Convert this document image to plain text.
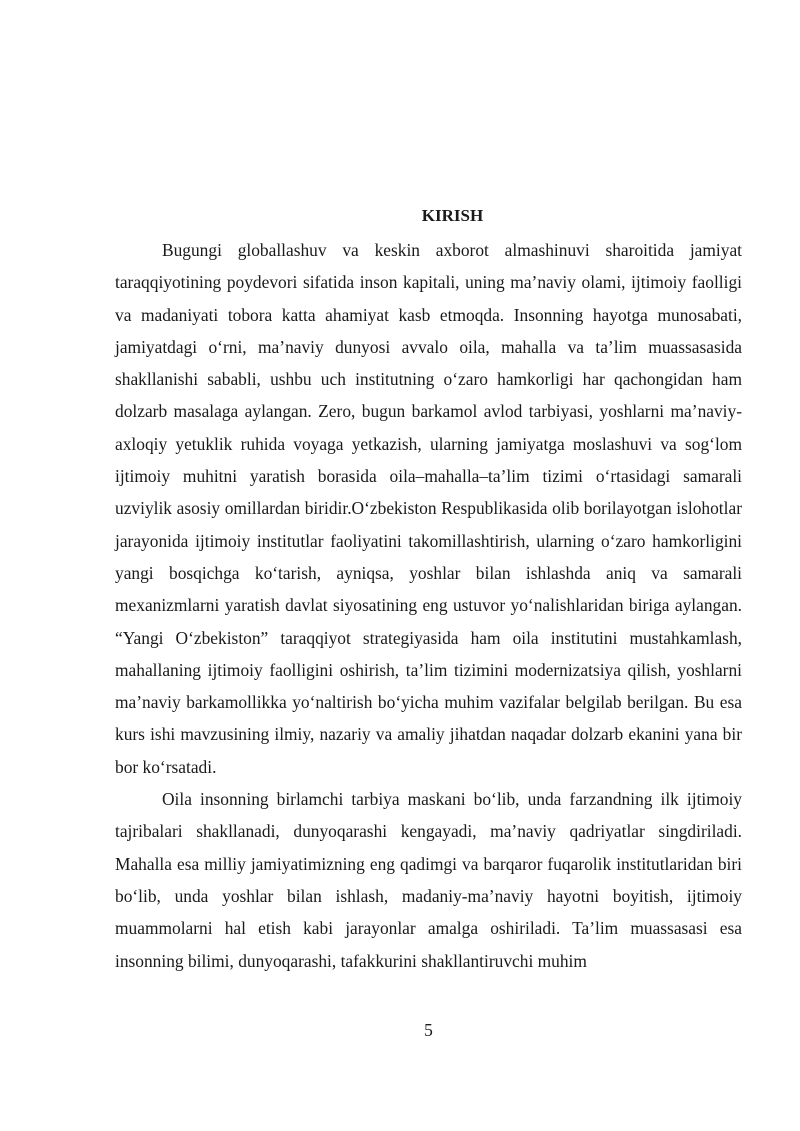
KIRISH

Bugungi globallashuv va keskin axborot almashinuvi sharoitida jamiyat taraqqiyotining poydevori sifatida inson kapitali, uning ma’naviy olami, ijtimoiy faolligi va madaniyati tobora katta ahamiyat kasb etmoqda. Insonning hayotga munosabati, jamiyatdagi o‘rni, ma’naviy dunyosi avvalo oila, mahalla va ta’lim muassasasida shakllanishi sababli, ushbu uch institutning o‘zaro hamkorligi har qachongidan ham dolzarb masalaga aylangan. Zero, bugun barkamol avlod tarbiyasi, yoshlarni ma’naviy-axloqiy yetuklik ruhida voyaga yetkazish, ularning jamiyatga moslashuvi va sog‘lom ijtimoiy muhitni yaratish borasida oila–mahalla–ta’lim tizimi o‘rtasidagi samarali uzviylik asosiy omillardan biridir.O‘zbekiston Respublikasida olib borilayotgan islohotlar jarayonida ijtimoiy institutlar faoliyatini takomillashtirish, ularning o‘zaro hamkorligini yangi bosqichga ko‘tarish, ayniqsa, yoshlar bilan ishlashda aniq va samarali mexanizmlarni yaratish davlat siyosatining eng ustuvor yo‘nalishlaridan biriga aylangan. “Yangi O‘zbekiston” taraqqiyot strategiyasida ham oila institutini mustahkamlash, mahallaning ijtimoiy faolligini oshirish, ta’lim tizimini modernizatsiya qilish, yoshlarni ma’naviy barkamollikka yo‘naltirish bo‘yicha muhim vazifalar belgilab berilgan. Bu esa kurs ishi mavzusining ilmiy, nazariy va amaliy jihatdan naqadar dolzarb ekanini yana bir bor ko‘rsatadi.

Oila insonning birlamchi tarbiya maskani bo‘lib, unda farzandning ilk ijtimoiy tajribalari shakllanadi, dunyoqarashi kengayadi, ma’naviy qadriyatlar singdiriladi. Mahalla esa milliy jamiyatimizning eng qadimgi va barqaror fuqarolik institutlaridan biri bo‘lib, unda yoshlar bilan ishlash, madaniy-ma’naviy hayotni boyitish, ijtimoiy muammolarni hal etish kabi jarayonlar amalga oshiriladi. Ta’lim muassasasi esa insonning bilimi, dunyoqarashi, tafakkurini shakllantiruvchi muhim

5
